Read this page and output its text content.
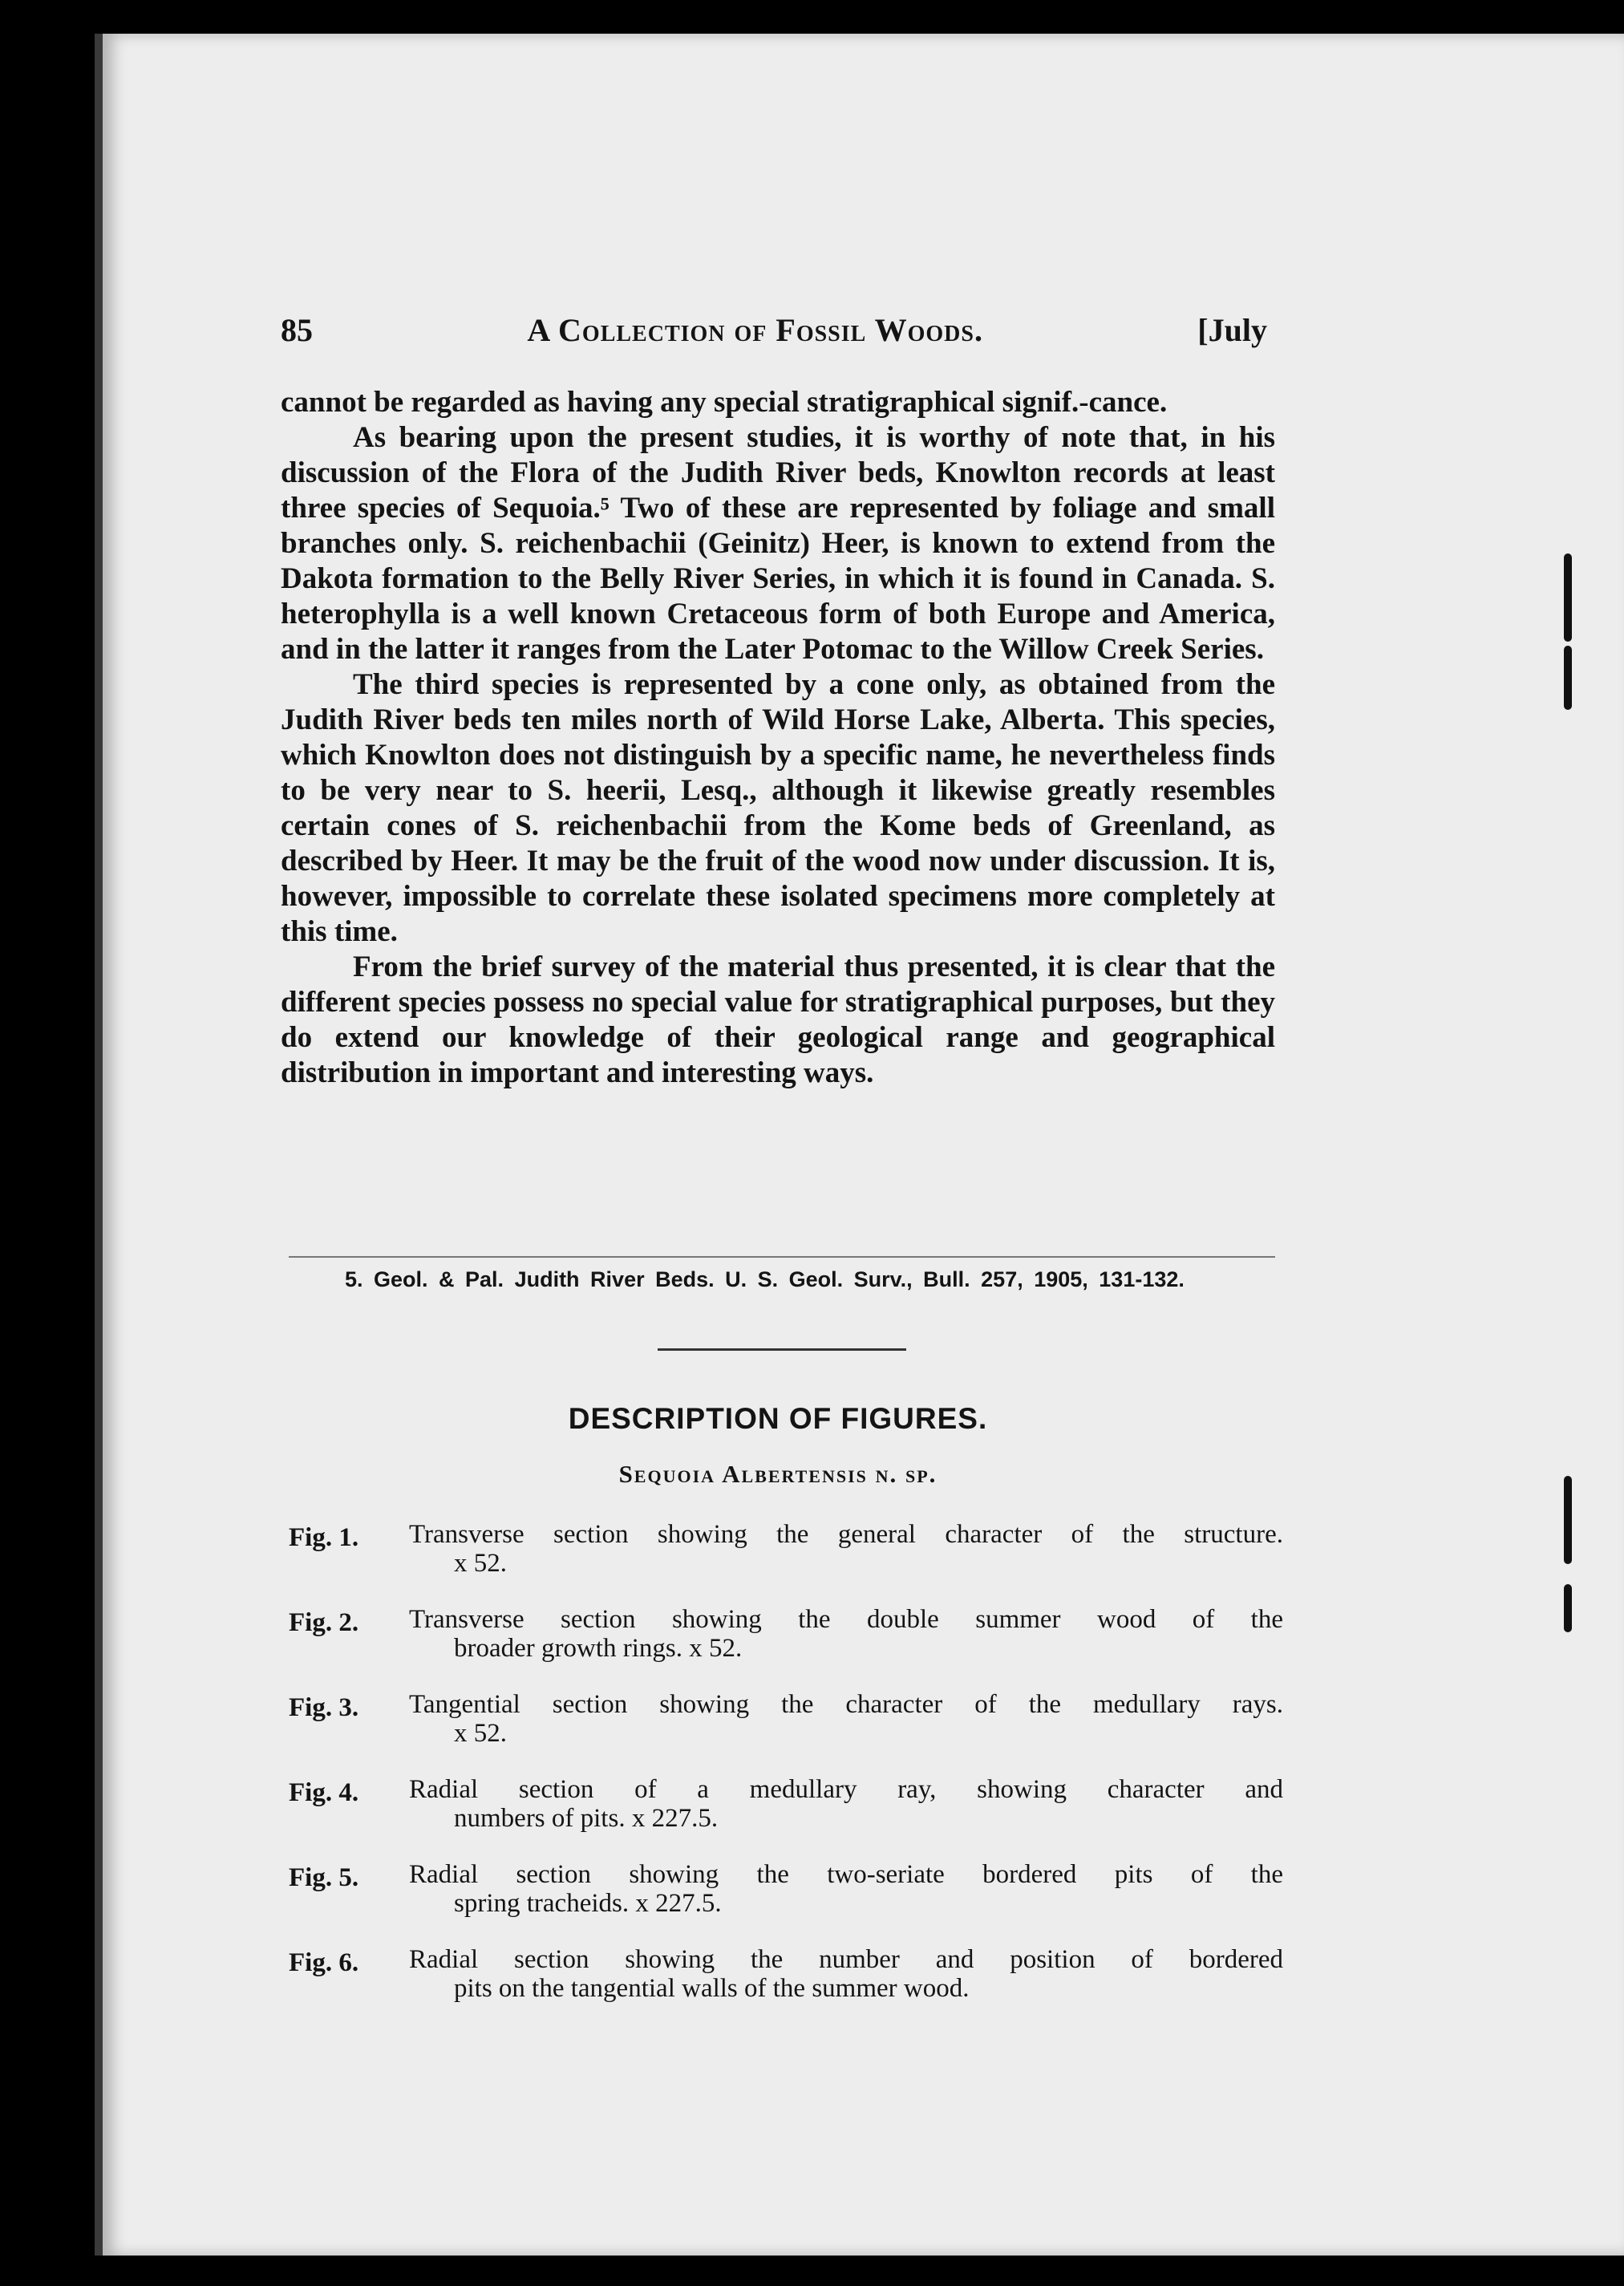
85	A Collection of Fossil Woods.	[July

cannot be regarded as having any special stratigraphical signif.-cance.

As bearing upon the present studies, it is worthy of note that, in his discussion of the Flora of the Judith River beds, Knowlton records at least three species of Sequoia.⁵ Two of these are represented by foliage and small branches only. S. reichenbachii (Geinitz) Heer, is known to extend from the Dakota formation to the Belly River Series, in which it is found in Canada. S. heterophylla is a well known Cretaceous form of both Europe and America, and in the latter it ranges from the Later Potomac to the Willow Creek Series.

The third species is represented by a cone only, as obtained from the Judith River beds ten miles north of Wild Horse Lake, Alberta. This species, which Knowlton does not distinguish by a specific name, he nevertheless finds to be very near to S. heerii, Lesq., although it likewise greatly resembles certain cones of S. reichenbachii from the Kome beds of Greenland, as described by Heer. It may be the fruit of the wood now under discussion. It is, however, impossible to correlate these isolated specimens more completely at this time.

From the brief survey of the material thus presented, it is clear that the different species possess no special value for stratigraphical purposes, but they do extend our knowledge of their geological range and geographical distribution in important and interesting ways.

5. Geol. & Pal. Judith River Beds. U. S. Geol. Surv., Bull. 257, 1905, 131-132.
DESCRIPTION OF FIGURES.
Sequoia Albertensis n. sp.
Fig. 1.	Transverse section showing the general character of the structure.
x 52.
Fig. 2.	Transverse section showing the double summer wood of the
broader growth rings. x 52.
Fig. 3.	Tangential section showing the character of the medullary rays.
x 52.
Fig. 4.	Radial section of a medullary ray, showing character and
numbers of pits. x 227.5.
Fig. 5.	Radial section showing the two-seriate bordered pits of the
spring tracheids. x 227.5.
Fig. 6.	Radial section showing the number and position of bordered
pits on the tangential walls of the summer wood.
